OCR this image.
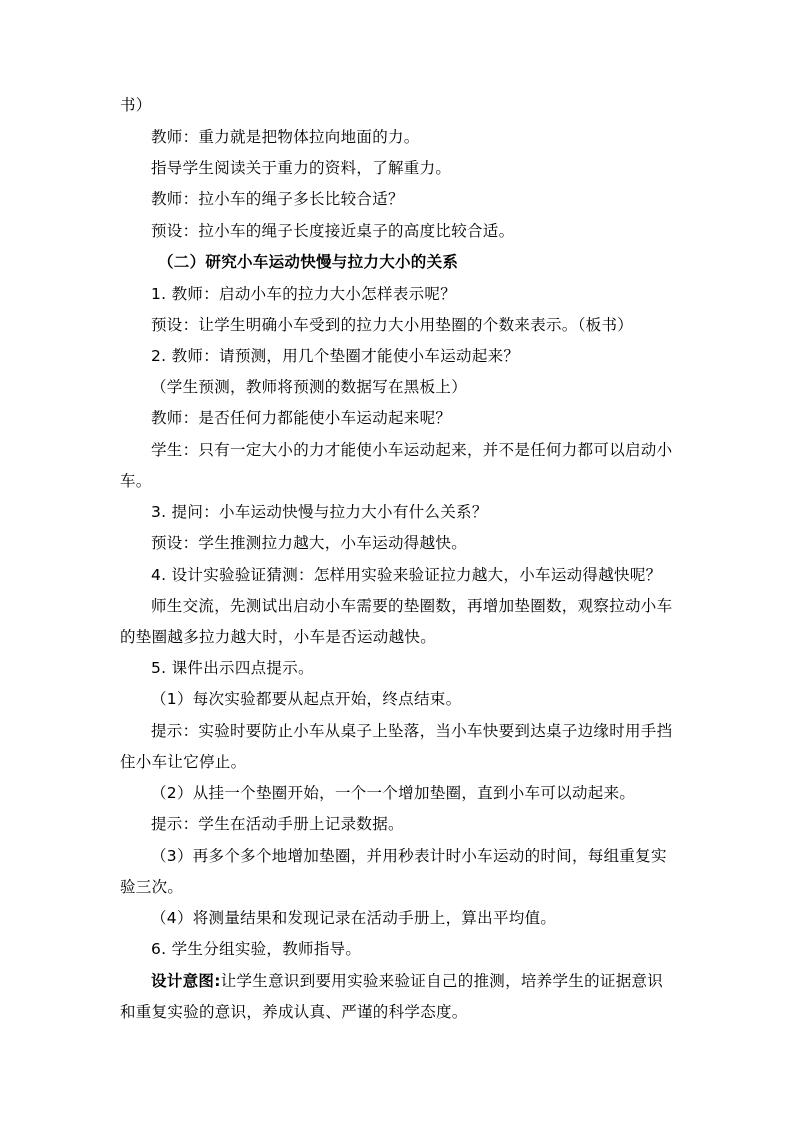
书）
教师：重力就是把物体拉向地面的力。
指导学生阅读关于重力的资料，了解重力。
教师：拉小车的绳子多长比较合适？
预设：拉小车的绳子长度接近桌子的高度比较合适。
（二）研究小车运动快慢与拉力大小的关系
1. 教师：启动小车的拉力大小怎样表示呢？
预设：让学生明确小车受到的拉力大小用垫圈的个数来表示。（板书）
2. 教师：请预测，用几个垫圈才能使小车运动起来？
（学生预测，教师将预测的数据写在黑板上）
教师：是否任何力都能使小车运动起来呢？
学生：只有一定大小的力才能使小车运动起来，并不是任何力都可以启动小
车。
3. 提问：小车运动快慢与拉力大小有什么关系？
预设：学生推测拉力越大，小车运动得越快。
4. 设计实验验证猜测：怎样用实验来验证拉力越大，小车运动得越快呢？
师生交流，先测试出启动小车需要的垫圈数，再增加垫圈数，观察拉动小车
的垫圈越多拉力越大时，小车是否运动越快。
5. 课件出示四点提示。
（1）每次实验都要从起点开始，终点结束。
提示：实验时要防止小车从桌子上坠落，当小车快要到达桌子边缘时用手挡
住小车让它停止。
（2）从挂一个垫圈开始，一个一个增加垫圈，直到小车可以动起来。
提示：学生在活动手册上记录数据。
（3）再多个多个地增加垫圈，并用秒表计时小车运动的时间，每组重复实
验三次。
（4）将测量结果和发现记录在活动手册上，算出平均值。
6. 学生分组实验，教师指导。
设计意图:让学生意识到要用实验来验证自己的推测，培养学生的证据意识
和重复实验的意识，养成认真、严谨的科学态度。
